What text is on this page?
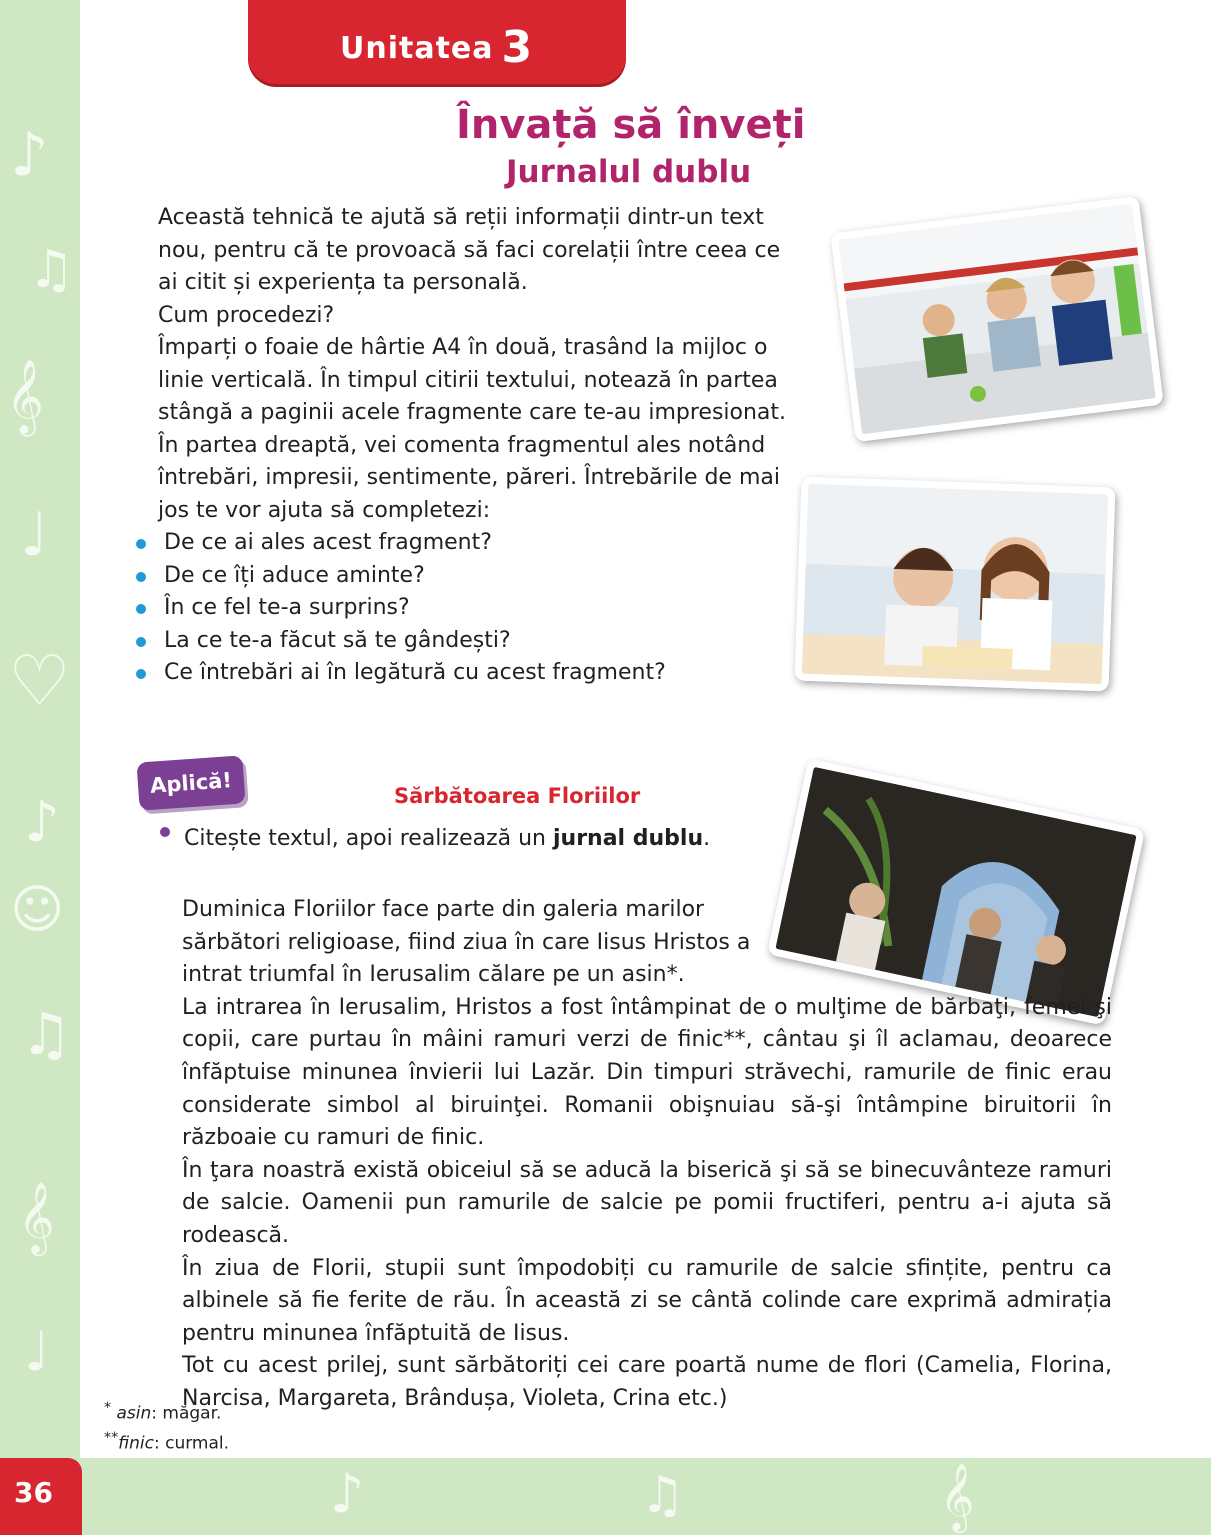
♪
♫
𝄞
♩
♡
♪
☺
♫
𝄞
♩
♪	♫	𝄞
Unitatea 3
Învață să înveți
Jurnalul dublu

Această tehnică te ajută să reții informații dintr-un text nou, pentru că te provoacă să faci corelații între ceea ce ai citit și experiența ta personală.

Cum procedezi?

Împarți o foaie de hârtie A4 în două, trasând la mijloc o linie verticală. În timpul citirii textului, notează în partea stângă a paginii acele fragmente care te-au impresionat. În partea dreaptă, vei comenta fragmentul ales notând întrebări, impresii, sentimente, păreri. Întrebările de mai jos te vor ajuta să completezi:

De ce ai ales acest fragment?
De ce îți aduce aminte?
În ce fel te-a surprins?
La ce te-a făcut să te gândești?
Ce întrebări ai în legătură cu acest fragment?
Aplică!	Sărbătoarea Floriilor
Citește textul, apoi realizează un jurnal dublu.

Duminica Floriilor face parte din galeria marilor sărbători religioase, fiind ziua în care Iisus Hristos a intrat triumfal în Ierusalim călare pe un asin*.

La intrarea în Ierusalim, Hristos a fost întâmpinat de o mulţime de bărbaţi, femei şi copii, care purtau în mâini ramuri verzi de finic**, cântau şi îl aclamau, deoarece înfăptuise minunea învierii lui Lazăr. Din timpuri străvechi, ramurile de finic erau considerate simbol al biruinţei. Romanii obişnuiau să-şi întâmpine biruitorii în războaie cu ramuri de finic.

În ţara noastră există obiceiul să se aducă la biserică şi să se binecuvânteze ramuri de salcie. Oamenii pun ramurile de salcie pe pomii fructiferi, pentru a-i ajuta să rodească.

În ziua de Florii, stupii sunt împodobiți cu ramurile de salcie sfințite, pentru ca albinele să fie ferite de rău. În această zi se cântă colinde care exprimă admirația pentru minunea înfăptuită de Iisus.

Tot cu acest prilej, sunt sărbătoriți cei care poartă nume de flori (Camelia, Florina, Narcisa, Margareta, Brândușa, Violeta, Crina etc.)

* asin: măgar.
**finic: curmal.
36
